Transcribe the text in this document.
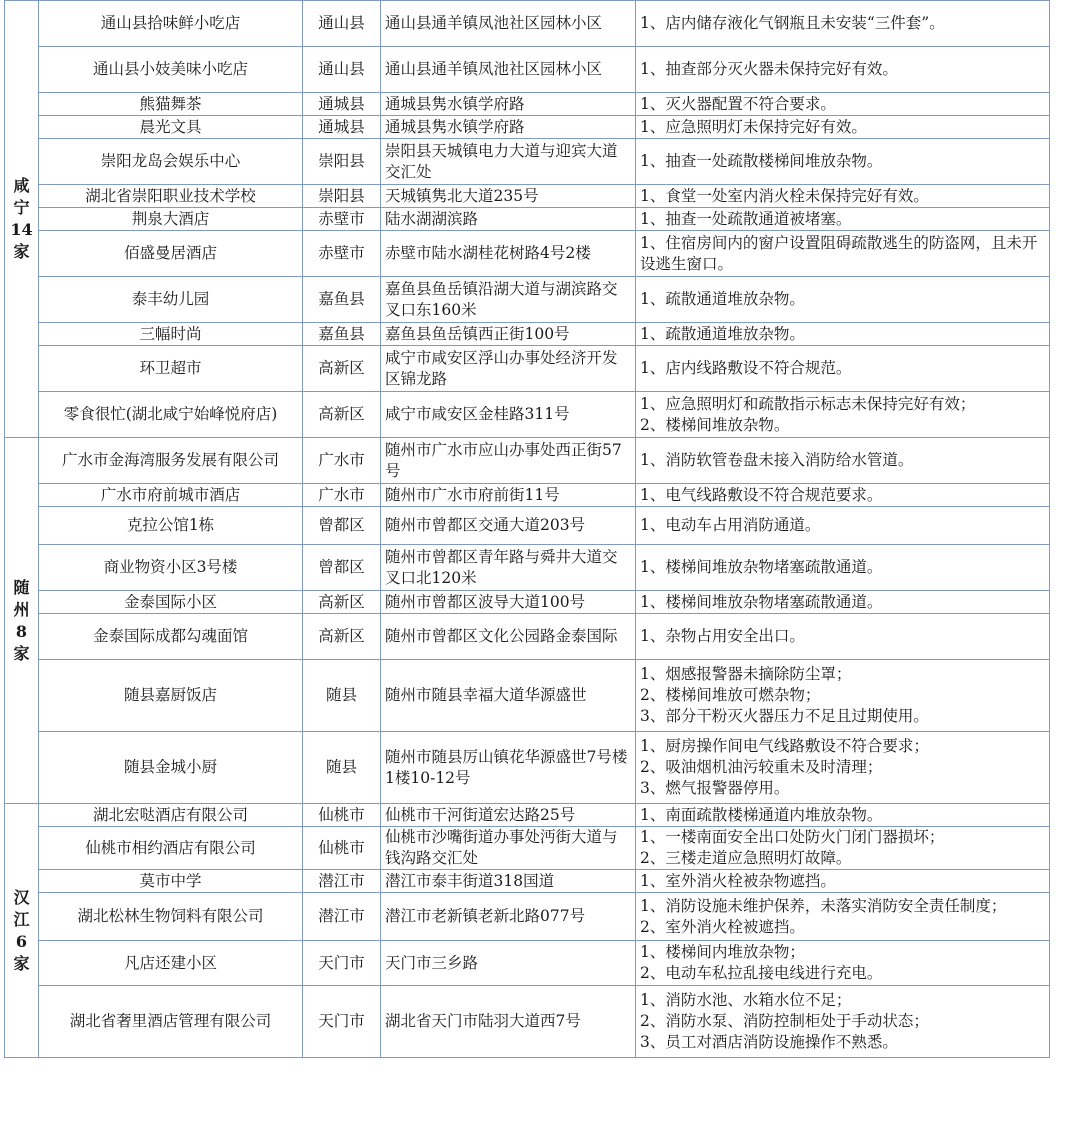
咸
宁
14
家	通山县拾味鲜小吃店	通山县	通山县通羊镇凤池社区园林小区	1、店内储存液化气钢瓶且未安装“三件套”。

	通山县小妓美味小吃店	通山县	通山县通羊镇凤池社区园林小区	1、抽查部分灭火器未保持完好有效。

	熊猫舞茶	通城县	通城县隽水镇学府路	1、灭火器配置不符合要求。

	晨光文具	通城县	通城县隽水镇学府路	1、应急照明灯未保持完好有效。

	崇阳龙岛会娱乐中心	崇阳县	崇阳县天城镇电力大道与迎宾大道交汇处	1、抽查一处疏散楼梯间堆放杂物。

	湖北省崇阳职业技术学校	崇阳县	天城镇隽北大道235号	1、食堂一处室内消火栓未保持完好有效。

	荆泉大酒店	赤壁市	陆水湖湖滨路	1、抽查一处疏散通道被堵塞。

	佰盛曼居酒店	赤壁市	赤壁市陆水湖桂花树路4号2楼	1、住宿房间内的窗户设置阻碍疏散逃生的防盗网，且未开设逃生窗口。

	泰丰幼儿园	嘉鱼县	嘉鱼县鱼岳镇沿湖大道与湖滨路交叉口东160米	1、疏散通道堆放杂物。

	三幅时尚	嘉鱼县	嘉鱼县鱼岳镇西正街100号	1、疏散通道堆放杂物。

	环卫超市	高新区	咸宁市咸安区浮山办事处经济开发区锦龙路	1、店内线路敷设不符合规范。

	零食很忙(湖北咸宁始峰悦府店)	高新区	咸宁市咸安区金桂路311号	1、应急照明灯和疏散指示标志未保持完好有效；
2、楼梯间堆放杂物。

随
州
8
家	广水市金海湾服务发展有限公司	广水市	随州市广水市应山办事处西正街57号	1、消防软管卷盘未接入消防给水管道。

	广水市府前城市酒店	广水市	随州市广水市府前街11号	1、电气线路敷设不符合规范要求。

	克拉公馆1栋	曾都区	随州市曾都区交通大道203号	1、电动车占用消防通道。

	商业物资小区3号楼	曾都区	随州市曾都区青年路与舜井大道交叉口北120米	1、楼梯间堆放杂物堵塞疏散通道。

	金泰国际小区	高新区	随州市曾都区波导大道100号	1、楼梯间堆放杂物堵塞疏散通道。

	金泰国际成都勾魂面馆	高新区	随州市曾都区文化公园路金泰国际	1、杂物占用安全出口。

	随县嘉厨饭店	随县	随州市随县幸福大道华源盛世	1、烟感报警器未摘除防尘罩；
2、楼梯间堆放可燃杂物；
3、部分干粉灭火器压力不足且过期使用。

	随县金城小厨	随县	随州市随县厉山镇花华源盛世7号楼1楼10-12号	1、厨房操作间电气线路敷设不符合要求；
2、吸油烟机油污较重未及时清理；
3、燃气报警器停用。

汉
江
6
家	湖北宏哒酒店有限公司	仙桃市	仙桃市干河街道宏达路25号	1、南面疏散楼梯通道内堆放杂物。

	仙桃市相约酒店有限公司	仙桃市	仙桃市沙嘴街道办事处沔街大道与钱沟路交汇处	1、一楼南面安全出口处防火门闭门器损坏；
2、三楼走道应急照明灯故障。

	莫市中学	潜江市	潜江市泰丰街道318国道	1、室外消火栓被杂物遮挡。

	湖北松林生物饲料有限公司	潜江市	潜江市老新镇老新北路077号	1、消防设施未维护保养，未落实消防安全责任制度；
2、室外消火栓被遮挡。

	凡店还建小区	天门市	天门市三乡路	1、楼梯间内堆放杂物；
2、电动车私拉乱接电线进行充电。

	湖北省奢里酒店管理有限公司	天门市	湖北省天门市陆羽大道西7号	1、消防水池、水箱水位不足；
2、消防水泵、消防控制柜处于手动状态；
3、员工对酒店消防设施操作不熟悉。
